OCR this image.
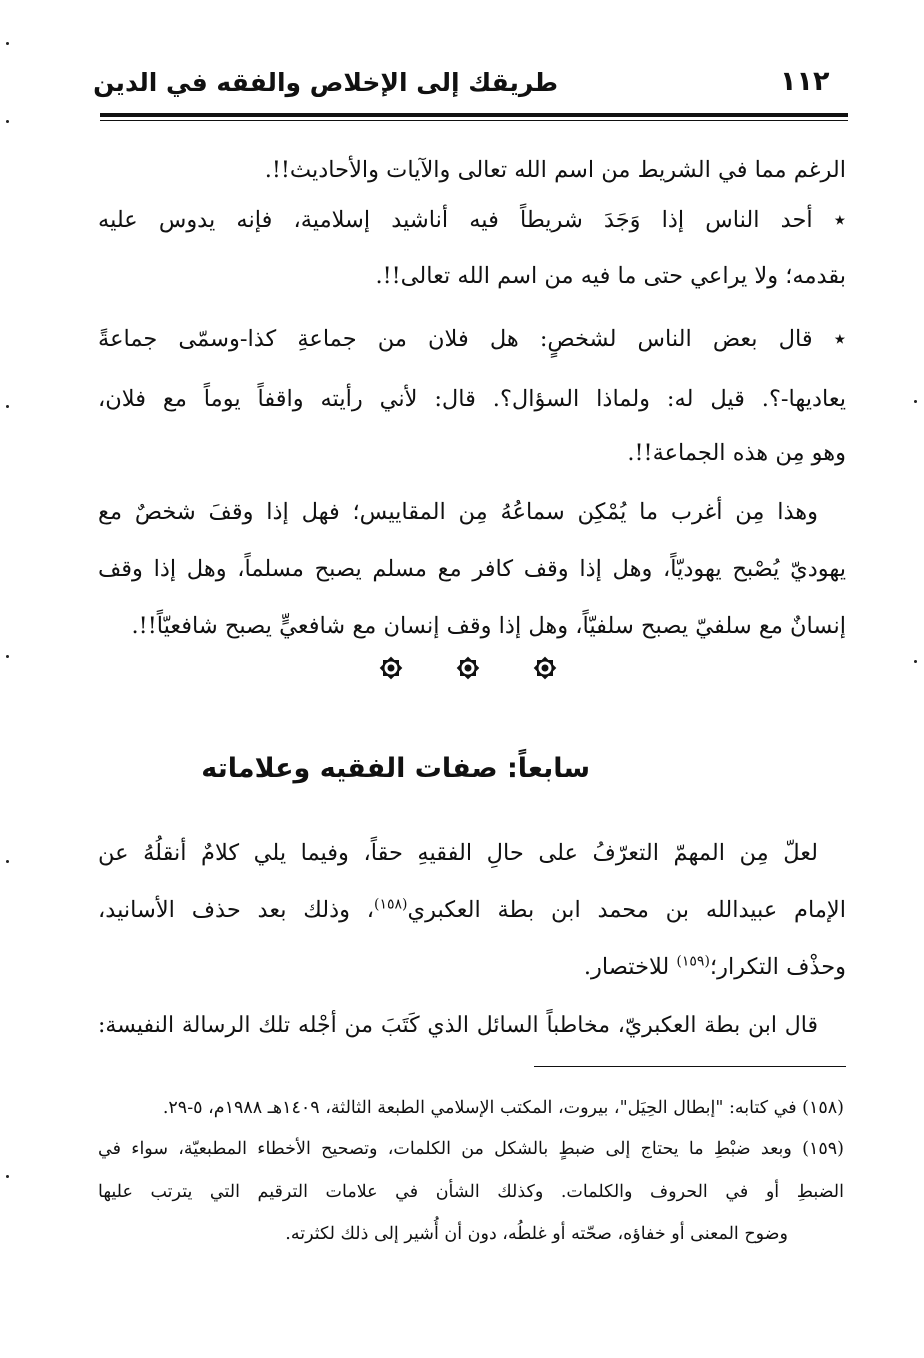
طريقك إلى الإخلاص والفقه في الدين	١١٢
الرغم مما في الشريط من اسم الله تعالى والآيات والأحاديث!!.
٭ أحد الناس إذا وَجَدَ شريطاً فيه أناشيد إسلامية، فإنه يدوس عليه
بقدمه؛ ولا يراعي حتى ما فيه من اسم الله تعالى!!.
٭ قال بعض الناس لشخصٍ: هل فلان من جماعةِ كذا-وسمّى جماعةً
يعاديها-؟. قيل له: ولماذا السؤال؟. قال: لأني رأيته واقفاً يوماً مع فلان،
وهو مِن هذه الجماعة!!.
وهذا مِن أغرب ما يُمْكِن سماعُهُ مِن المقاييس؛ فهل إذا وقفَ شخصٌ مع
يهوديّ يُصْبح يهوديّاً، وهل إذا وقف كافر مع مسلم يصبح مسلماً، وهل إذا وقف
إنسانٌ مع سلفيّ يصبح سلفيّاً، وهل إذا وقف إنسان مع شافعيٍّ يصبح شافعيّاً!!.
سابعاً: صفات الفقيه وعلاماته
لعلّ مِن المهمّ التعرّفُ على حالِ الفقيهِ حقاً، وفيما يلي كلامٌ أنقلُهُ عن
الإمام عبيدالله بن محمد ابن بطة العكبري$^{(١٥٨)}$، وذلك بعد حذف الأسانيد،
وحذْف التكرار؛$^{(١٥٩)}$ للاختصار.
قال ابن بطة العكبريّ، مخاطباً السائل الذي كَتَبَ من أجْله تلك الرسالة النفيسة:
(١٥٨) في كتابه: "إبطال الحِيَل"، بيروت، المكتب الإسلامي الطبعة الثالثة، ١٤٠٩هـ ١٩٨٨م، ٥-٢٩.
(١٥٩) وبعد ضبْطِ ما يحتاج إلى ضبطٍ بالشكل من الكلمات، وتصحيح الأخطاء المطبعيّة، سواء في
الضبطِ أو في الحروف والكلمات. وكذلك الشأن في علامات الترقيم التي يترتب عليها
وضوح المعنى أو خفاؤه، صحّته أو غلطُه، دون أن أُشير إلى ذلك لكثرته.
